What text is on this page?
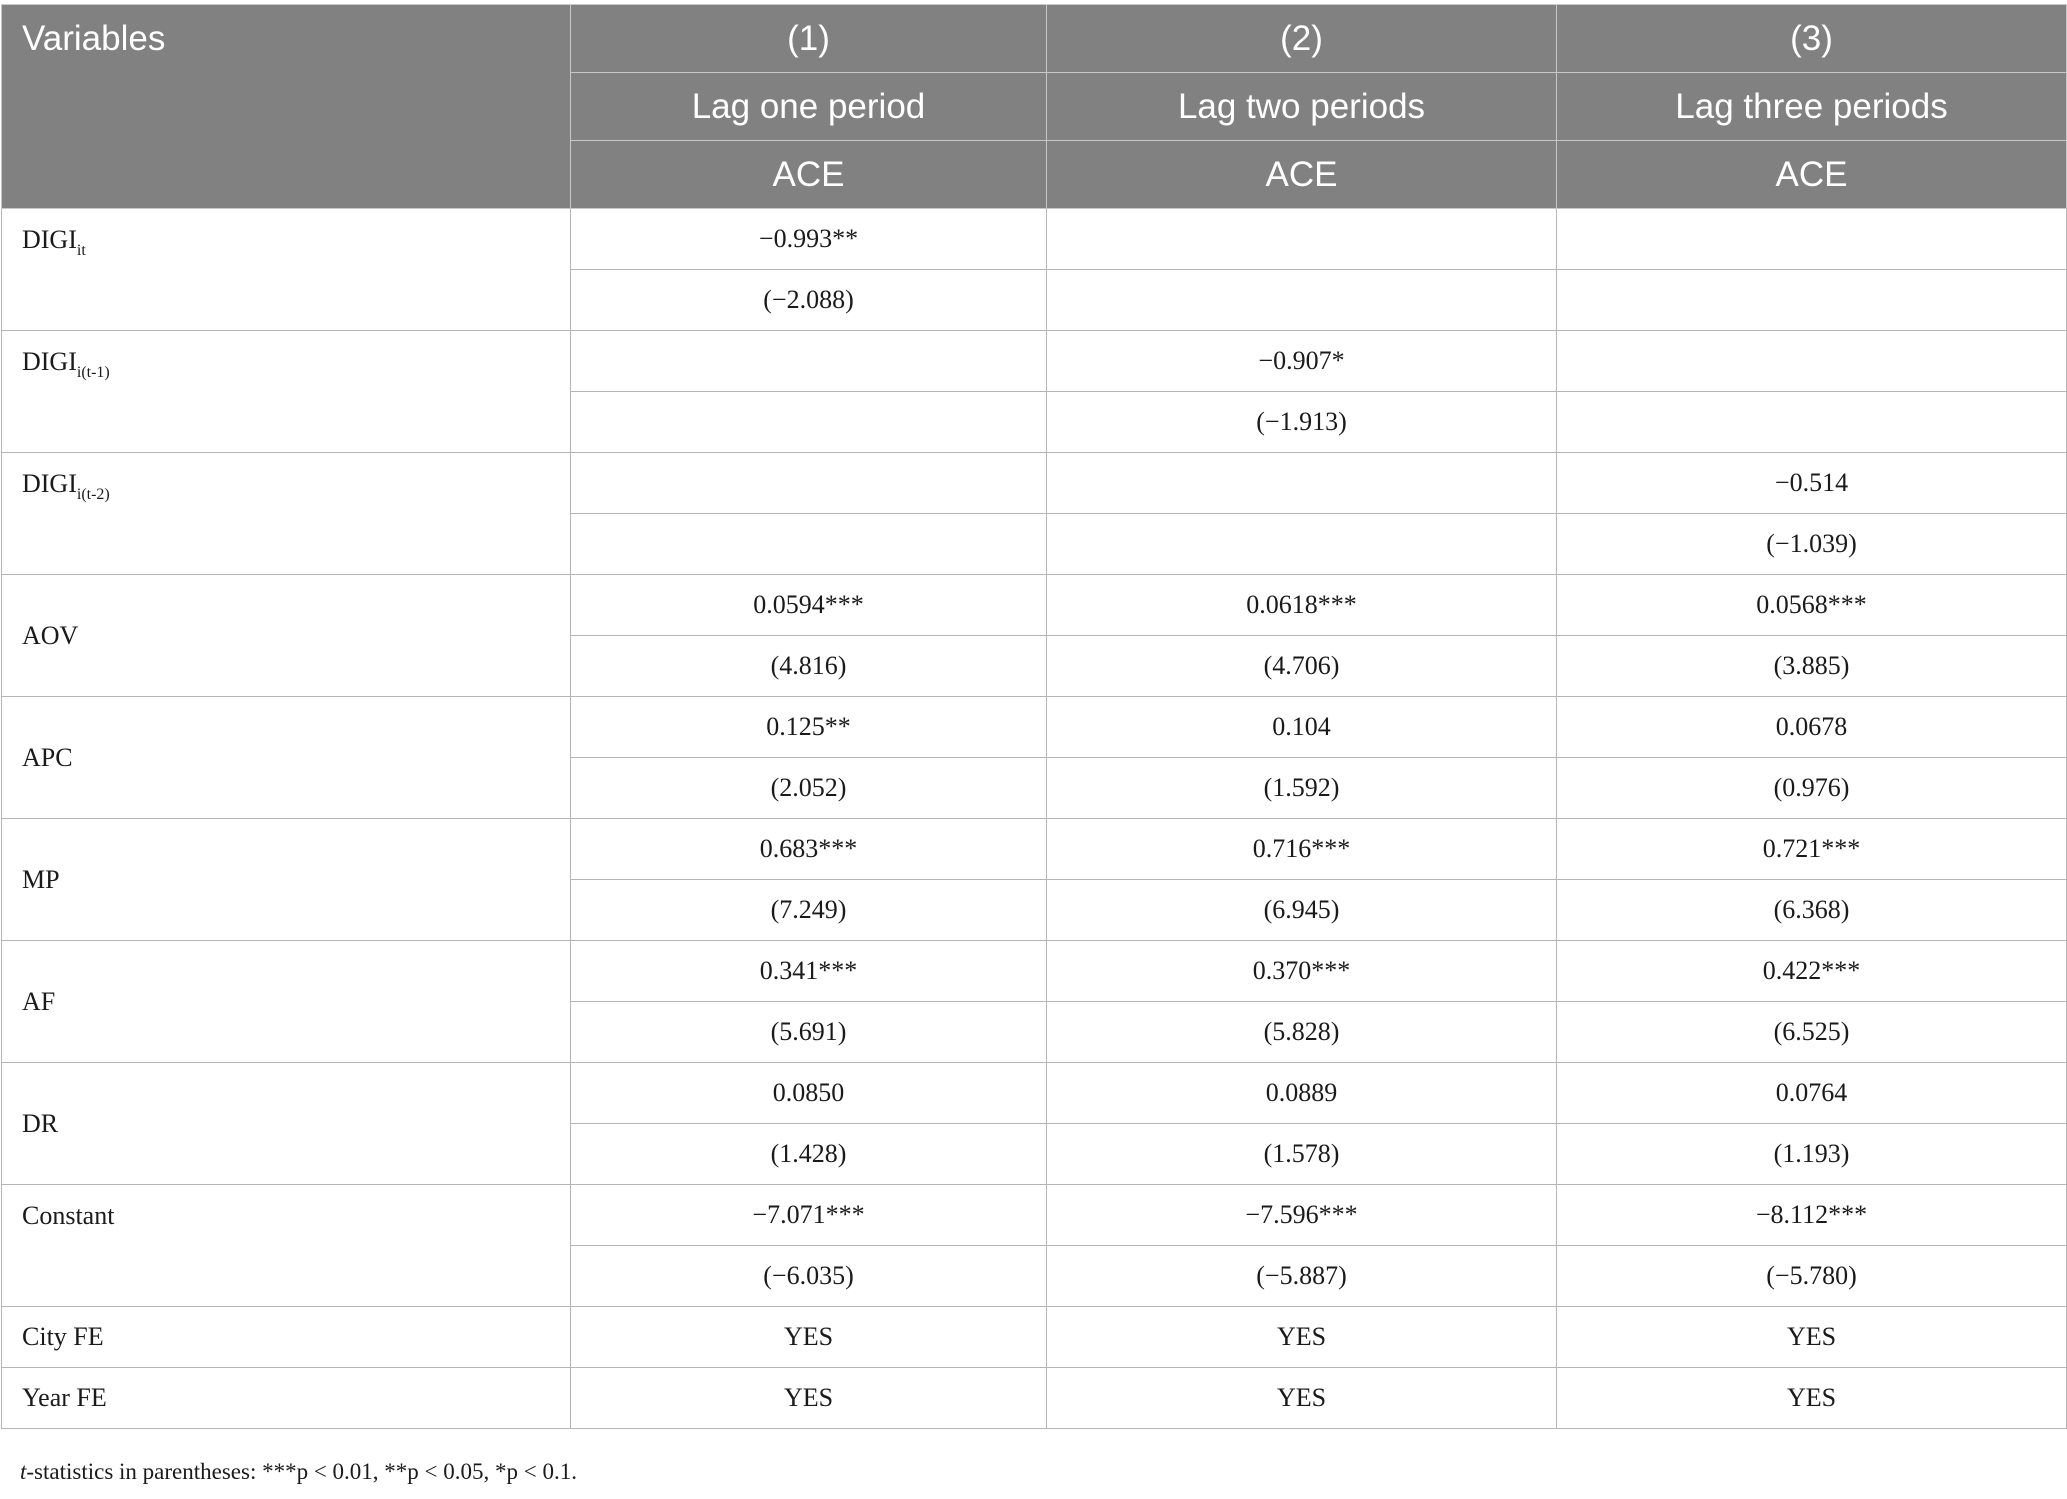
Variables	(1)	(2)	(3)
	Lag one period	Lag two periods	Lag three periods
	ACE	ACE	ACE
$DIGI_{it}$	−0.993**		
	(−2.088)		
$DIGI_{i(t-1)}$		−0.907*	
		(−1.913)	
$DIGI_{i(t-2)}$			−0.514
			(−1.039)
AOV	0.0594***	0.0618***	0.0568***
	(4.816)	(4.706)	(3.885)
APC	0.125**	0.104	0.0678
	(2.052)	(1.592)	(0.976)
MP	0.683***	0.716***	0.721***
	(7.249)	(6.945)	(6.368)
AF	0.341***	0.370***	0.422***
	(5.691)	(5.828)	(6.525)
DR	0.0850	0.0889	0.0764
	(1.428)	(1.578)	(1.193)
Constant	−7.071***	−7.596***	−8.112***
	(−6.035)	(−5.887)	(−5.780)
City FE	YES	YES	YES
Year FE	YES	YES	YES
t-statistics in parentheses: ***p < 0.01, **p < 0.05, *p < 0.1.
